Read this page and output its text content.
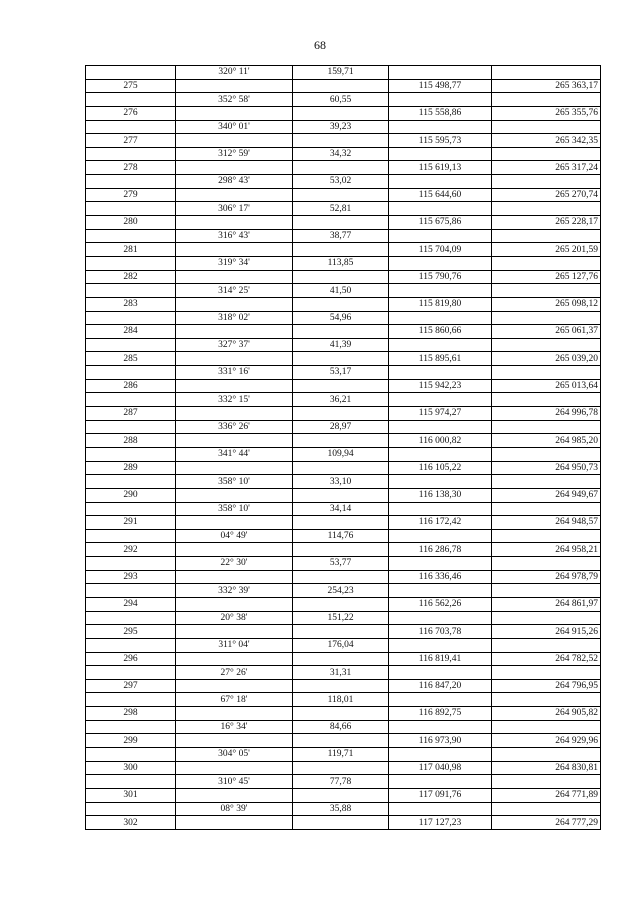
68
	320° 11'	159,71		
275			115 498,77	265 363,17
	352° 58'	60,55		
276			115 558,86	265 355,76
	340° 01'	39,23		
277			115 595,73	265 342,35
	312° 59'	34,32		
278			115 619,13	265 317,24
	298° 43'	53,02		
279			115 644,60	265 270,74
	306° 17'	52,81		
280			115 675,86	265 228,17
	316° 43'	38,77		
281			115 704,09	265 201,59
	319° 34'	113,85		
282			115 790,76	265 127,76
	314° 25'	41,50		
283			115 819,80	265 098,12
	318° 02'	54,96		
284			115 860,66	265 061,37
	327° 37'	41,39		
285			115 895,61	265 039,20
	331° 16'	53,17		
286			115 942,23	265 013,64
	332° 15'	36,21		
287			115 974,27	264 996,78
	336° 26'	28,97		
288			116 000,82	264 985,20
	341° 44'	109,94		
289			116 105,22	264 950,73
	358° 10'	33,10		
290			116 138,30	264 949,67
	358° 10'	34,14		
291			116 172,42	264 948,57
	04° 49'	114,76		
292			116 286,78	264 958,21
	22° 30'	53,77		
293			116 336,46	264 978,79
	332° 39'	254,23		
294			116 562,26	264 861,97
	20° 38'	151,22		
295			116 703,78	264 915,26
	311° 04'	176,04		
296			116 819,41	264 782,52
	27° 26'	31,31		
297			116 847,20	264 796,95
	67° 18'	118,01		
298			116 892,75	264 905,82
	16° 34'	84,66		
299			116 973,90	264 929,96
	304° 05'	119,71		
300			117 040,98	264 830,81
	310° 45'	77,78		
301			117 091,76	264 771,89
	08° 39'	35,88		
302			117 127,23	264 777,29
